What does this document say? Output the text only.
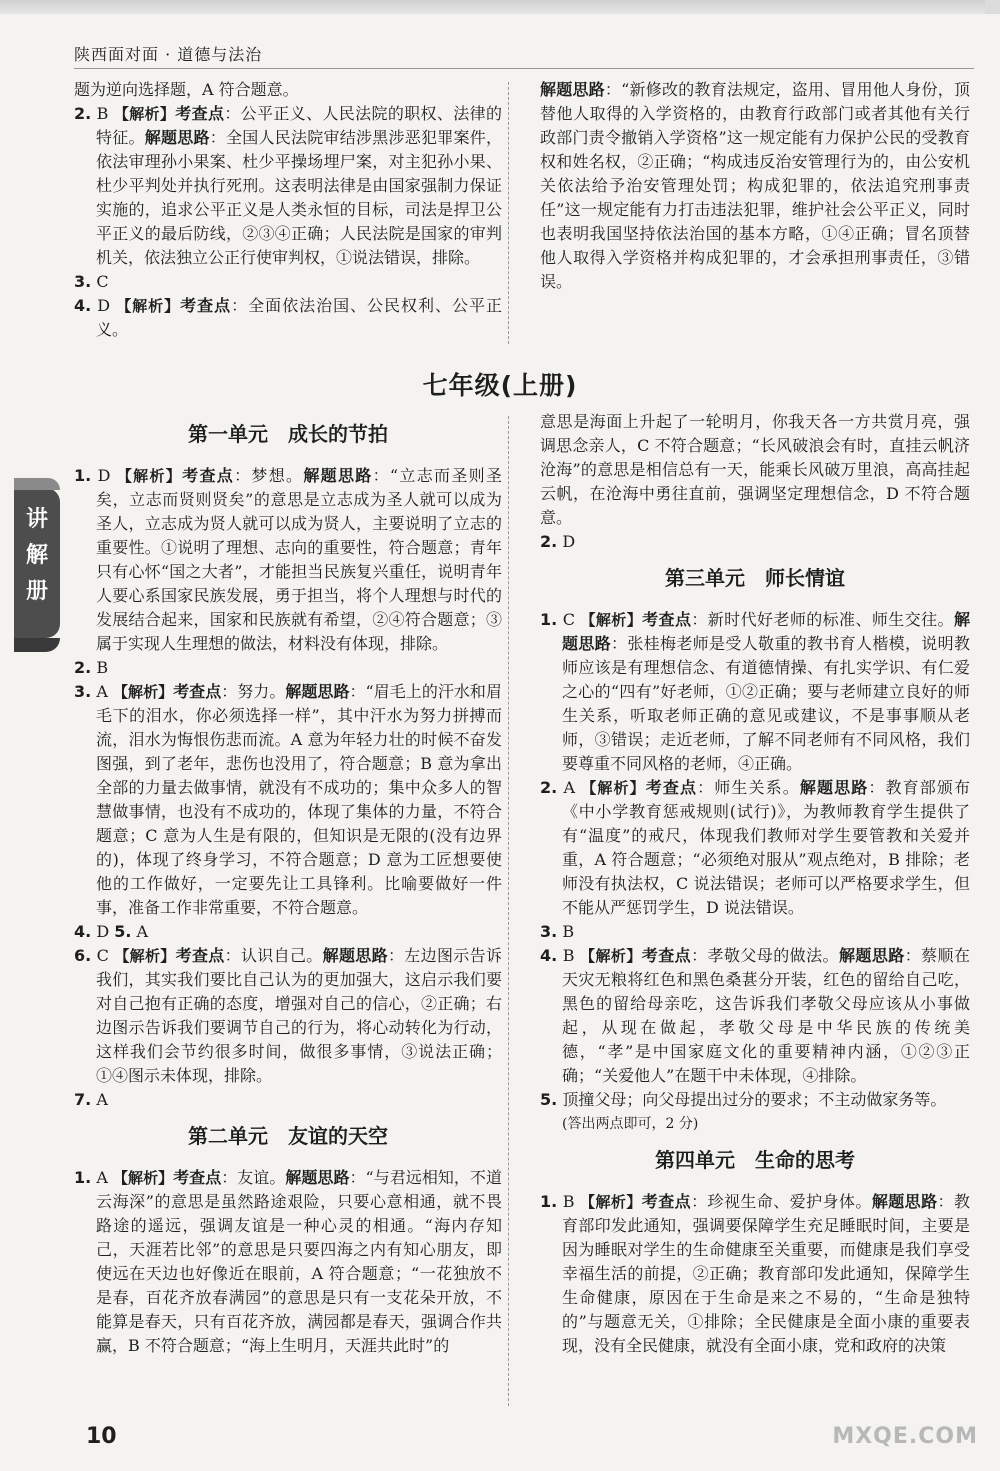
陕西面对面 · 道德与法治

题为逆向选择题，A 符合题意。

2. B 【解析】考查点：公平正义、人民法院的职权、法律的特征。解题思路：全国人民法院审结涉黑涉恶犯罪案件，依法审理孙小果案、杜少平操场埋尸案，对主犯孙小果、杜少平判处并执行死刑。这表明法律是由国家强制力保证实施的，追求公平正义是人类永恒的目标，司法是捍卫公平正义的最后防线，②③④正确；人民法院是国家的审判机关，依法独立公正行使审判权，①说法错误，排除。

3. C

4. D 【解析】考查点：全面依法治国、公民权利、公平正义。

解题思路：“新修改的教育法规定，盗用、冒用他人身份，顶替他人取得的入学资格的，由教育行政部门或者其他有关行政部门责令撤销入学资格”这一规定能有力保护公民的受教育权和姓名权，②正确；“构成违反治安管理行为的，由公安机关依法给予治安管理处罚；构成犯罪的，依法追究刑事责任”这一规定能有力打击违法犯罪，维护社会公平正义，同时也表明我国坚持依法治国的基本方略，①④正确；冒名顶替他人取得入学资格并构成犯罪的，才会承担刑事责任，③错误。

七年级(上册)
第一单元　成长的节拍

1. D 【解析】考查点：梦想。解题思路：“立志而圣则圣矣，立志而贤则贤矣”的意思是立志成为圣人就可以成为圣人，立志成为贤人就可以成为贤人，主要说明了立志的重要性。①说明了理想、志向的重要性，符合题意；青年只有心怀“国之大者”，才能担当民族复兴重任，说明青年人要心系国家民族发展，勇于担当，将个人理想与时代的发展结合起来，国家和民族就有希望，②④符合题意；③属于实现人生理想的做法，材料没有体现，排除。

2. B

3. A 【解析】考查点：努力。解题思路：“眉毛上的汗水和眉毛下的泪水，你必须选择一样”，其中汗水为努力拼搏而流，泪水为悔恨伤悲而流。A 意为年轻力壮的时候不奋发图强，到了老年，悲伤也没用了，符合题意；B 意为拿出全部的力量去做事情，就没有不成功的；集中众多人的智慧做事情，也没有不成功的，体现了集体的力量，不符合题意；C 意为人生是有限的，但知识是无限的(没有边界的)，体现了终身学习，不符合题意；D 意为工匠想要使他的工作做好，一定要先让工具锋利。比喻要做好一件事，准备工作非常重要，不符合题意。

4. D 5. A

6. C 【解析】考查点：认识自己。解题思路：左边图示告诉我们，其实我们要比自己认为的更加强大，这启示我们要对自己抱有正确的态度，增强对自己的信心，②正确；右边图示告诉我们要调节自己的行为，将心动转化为行动，这样我们会节约很多时间，做很多事情，③说法正确；①④图示未体现，排除。

7. A

第二单元　友谊的天空

1. A 【解析】考查点：友谊。解题思路：“与君远相知，不道云海深”的意思是虽然路途艰险，只要心意相通，就不畏路途的遥远，强调友谊是一种心灵的相通。“海内存知己，天涯若比邻”的意思是只要四海之内有知心朋友，即使远在天边也好像近在眼前，A 符合题意；“一花独放不是春，百花齐放春满园”的意思是只有一支花朵开放，不能算是春天，只有百花齐放，满园都是春天，强调合作共赢，B 不符合题意；“海上生明月，天涯共此时”的

意思是海面上升起了一轮明月，你我天各一方共赏月亮，强调思念亲人，C 不符合题意；“长风破浪会有时，直挂云帆济沧海”的意思是相信总有一天，能乘长风破万里浪，高高挂起云帆，在沧海中勇往直前，强调坚定理想信念，D 不符合题意。

2. D

第三单元　师长情谊

1. C 【解析】考查点：新时代好老师的标准、师生交往。解题思路：张桂梅老师是受人敬重的教书育人楷模，说明教师应该是有理想信念、有道德情操、有扎实学识、有仁爱之心的“四有”好老师，①②正确；要与老师建立良好的师生关系，听取老师正确的意见或建议，不是事事顺从老师，③错误；走近老师，了解不同老师有不同风格，我们要尊重不同风格的老师，④正确。

2. A 【解析】考查点：师生关系。解题思路：教育部颁布《中小学教育惩戒规则(试行)》，为教师教育学生提供了有“温度”的戒尺，体现我们教师对学生要管教和关爱并重，A 符合题意；“必须绝对服从”观点绝对，B 排除；老师没有执法权，C 说法错误；老师可以严格要求学生，但不能从严惩罚学生，D 说法错误。

3. B

4. B 【解析】考查点：孝敬父母的做法。解题思路：蔡顺在天灾无粮将红色和黑色桑葚分开装，红色的留给自己吃，黑色的留给母亲吃，这告诉我们孝敬父母应该从小事做起，从现在做起，孝敬父母是中华民族的传统美德，“孝”是中国家庭文化的重要精神内涵，①②③正确；“关爱他人”在题干中未体现，④排除。

5. 顶撞父母；向父母提出过分的要求；不主动做家务等。

(答出两点即可，2 分)

第四单元　生命的思考

1. B 【解析】考查点：珍视生命、爱护身体。解题思路：教育部印发此通知，强调要保障学生充足睡眠时间，主要是因为睡眠对学生的生命健康至关重要，而健康是我们享受幸福生活的前提，②正确；教育部印发此通知，保障学生生命健康，原因在于生命是来之不易的，“生命是独特的”与题意无关，①排除；全民健康是全面小康的重要表现，没有全民健康，就没有全面小康，党和政府的决策

讲
解
册
10	MXQE.COM
